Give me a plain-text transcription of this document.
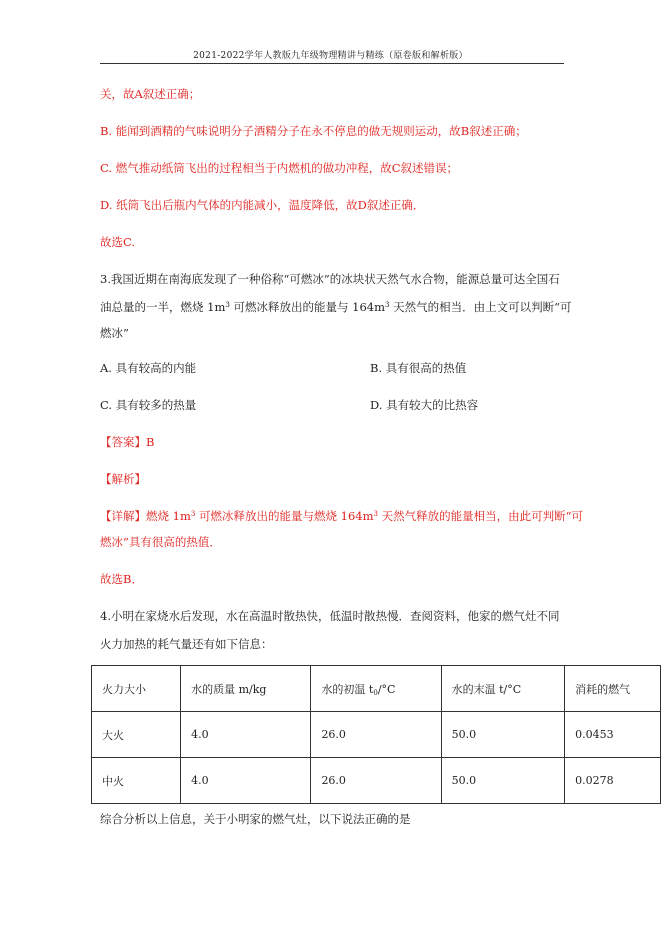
2021-2022学年人教版九年级物理精讲与精练（原卷版和解析版）
关，故A叙述正确；
B. 能闻到酒精的气味说明分子酒精分子在永不停息的做无规则运动，故B叙述正确；
C. 燃气推动纸筒飞出的过程相当于内燃机的做功冲程，故C叙述错误；
D. 纸筒飞出后瓶内气体的内能减小，温度降低，故D叙述正确．
故选C.
3.我国近期在南海底发现了一种俗称“可燃冰”的冰块状天然气水合物，能源总量可达全国石
油总量的一半，燃烧 $1m^3$ 可燃冰释放出的能量与 $164m^3$ 天然气的相当．由上文可以判断“可
燃冰”
A. 具有较高的内能	B. 具有很高的热值
C. 具有较多的热量	D. 具有较大的比热容
【答案】B
【解析】
【详解】燃烧 $1m^3$ 可燃冰释放出的能量与燃烧 $164m^3$ 天然气释放的能量相当，由此可判断“可
燃冰”具有很高的热值．
故选B．
4.小明在家烧水后发现，水在高温时散热快，低温时散热慢．查阅资料，他家的燃气灶不同
火力加热的耗气量还有如下信息：
火力大小	水的质量 m/kg	水的初温 $t_0/^\circ C$	水的末温 t/°C	消耗的燃气
大火	4.0	26.0	50.0	0.0453
中火	4.0	26.0	50.0	0.0278
综合分析以上信息，关于小明家的燃气灶，以下说法正确的是
